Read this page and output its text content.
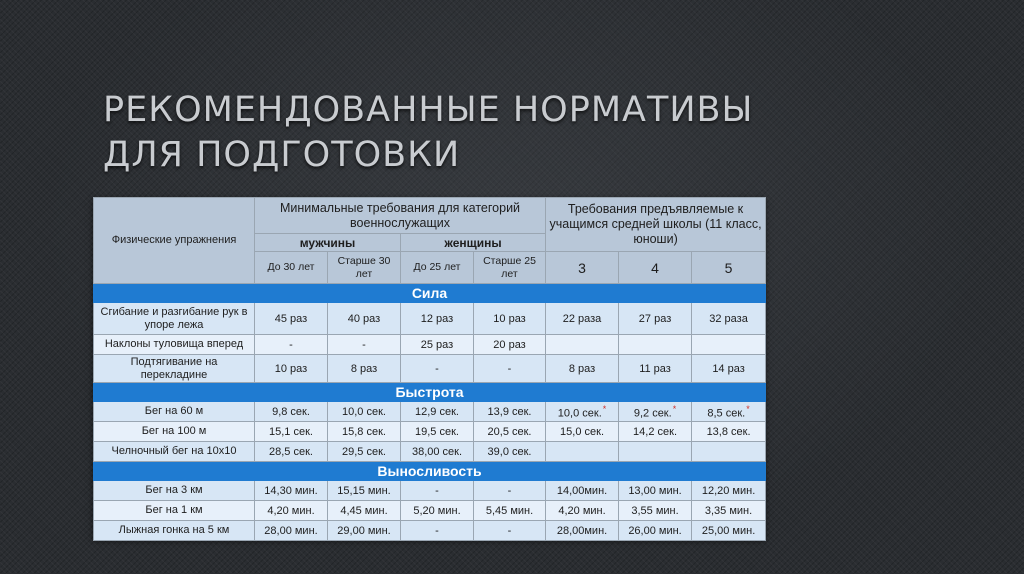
РЕКОМЕНДОВАННЫЕ НОРМАТИВЫ ДЛЯ ПОДГОТОВКИ
Физические упражнения	Минимальные требования для категорий военнослужащих				Требования предъявляемые к учащимся средней школы (11 класс, юноши)		
	мужчины		женщины				
	До 30 лет	Старше 30 лет	До 25 лет	Старше 25 лет	3	4	5
Сила							
Сгибание и разгибание рук в упоре лежа	45 раз	40 раз	12 раз	10 раз	22 раза	27 раз	32 раза
Наклоны туловища вперед	-	-	25 раз	20 раз			
Подтягивание на перекладине	10 раз	8 раз	-	-	8 раз	11 раз	14 раз
Быстрота							
Бег на 60 м	9,8 сек.	10,0 сек.	12,9 сек.	13,9 сек.	10,0 сек.*	9,2 сек.*	8,5 сек.*
Бег на 100 м	15,1 сек.	15,8 сек.	19,5 сек.	20,5 сек.	15,0 сек.	14,2 сек.	13,8 сек.
Челночный бег на 10х10	28,5 сек.	29,5 сек.	38,00 сек.	39,0 сек.			
Выносливость							
Бег на 3 км	14,30 мин.	15,15 мин.	-	-	14,00мин.	13,00 мин.	12,20 мин.
Бег на 1 км	4,20 мин.	4,45 мин.	5,20 мин.	5,45 мин.	4,20 мин.	3,55 мин.	3,35 мин.
Лыжная гонка на 5 км	28,00 мин.	29,00 мин.	-	-	28,00мин.	26,00 мин.	25,00 мин.
